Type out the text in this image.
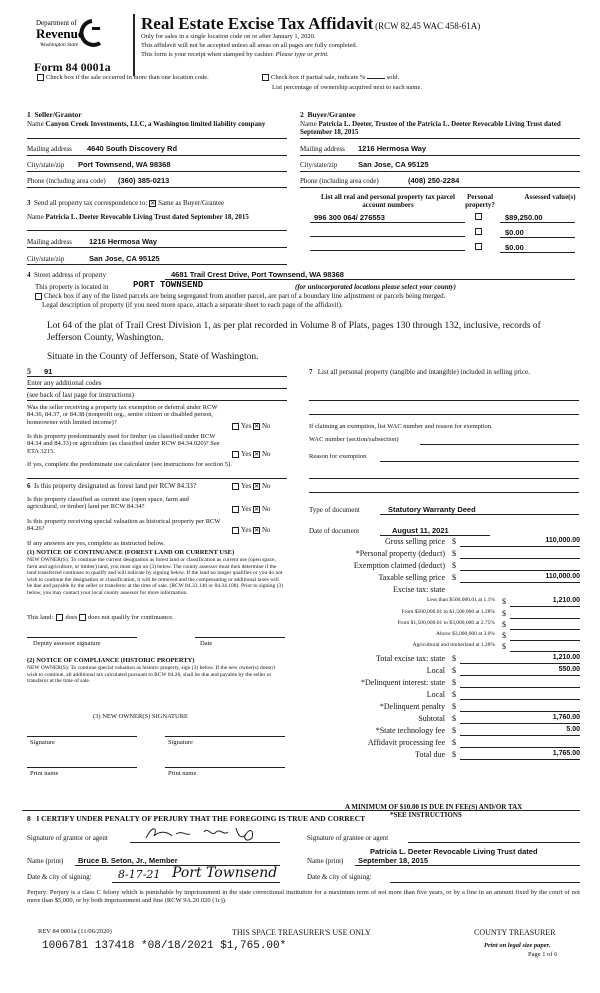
Department of
Revenue
Washington State
Form 84 0001a
Real Estate Excise Tax Affidavit (RCW 82.45 WAC 458-61A)
Only for sales in a single location code on or after January 1, 2020.
This affidavit will not be accepted unless all areas on all pages are fully completed.
This form is your receipt when stamped by cashier. Please type or print.
Check box if the sale occurred in more than one location code.	Check box if partial sale, indicate %	sold.
List percentage of ownership acquired next to each name.
1 Seller/Grantor
Name Canyon Creek Investments, LLC, a Washington limited liability company
Mailing address 4640 South Discovery Rd
City/state/zip Port Townsend, WA 98368
Phone (including area code) (360) 385-0213
2 Buyer/Grantee
Name Patricia L. Deeter, Trustee of the Patricia L. Deeter Revocable Living Trust dated September 18, 2015
Mailing address 1216 Hermosa Way
City/state/zip	San Jose, CA 95125
Phone (including area code)	(408) 250-2284
3 Send all property tax correspondence to: ✕ Same as Buyer/Grantee
Name Patricia L. Deeter Revocable Living Trust dated September 18, 2015
Mailing address 1216 Hermosa Way
City/state/zip	San Jose, CA 95125
List all real and personal property tax parcel account numbers
Personal property?
Assessed value(s)
996 300 064/ 276553	$89,250.00
$0.00
$0.00
4 Street address of property	4681 Trail Crest Drive, Port Townsend, WA 98368
This property is located in	PORT TOWNSEND	(for unincorporated locations please select your county)
Check box if any of the listed parcels are being segregated from another parcel, are part of a boundary line adjustment or parcels being merged.
Legal description of property (if you need more space, attach a separate sheet to each page of the affidavit).
Lot 64 of the plat of Trail Crest Division 1, as per plat recorded in Volume 8 of Plats, pages 130 through 132, inclusive, records of Jefferson County, Washington.
Situate in the County of Jefferson, State of Washington.
5 91
Enter any additional codes
(see back of last page for instructions)
Was the seller receiving a property tax exemption or deferral under RCW 84.36, 84.37, or 84.38 (nonprofit org., senior citizen or disabled person, homeowner with limited income)?	Yes ✕ No
Is this property predominantly used for timber (as classified under RCW 84.34 and 84.33) or agriculture (as classified under RCW 84.34.020)? See ETA 3215.	Yes ✕ No
If yes, complete the predominate use calculator (see instructions for section 5).
6 Is this property designated as forest land per RCW 84.33?	Yes ✕ No
Is this property classified as current use (open space, farm and agricultural, or timber) land per RCW 84.34?	Yes ✕ No
Is this property receiving special valuation as historical property per RCW 84.26?	Yes ✕ No
If any answers are yes, complete as instructed below.
(1) NOTICE OF CONTINUANCE (FOREST LAND OR CURRENT USE)
NEW OWNER(S): To continue the current designation as forest land or classification as current use (open space, farm and agriculture, or timber) land, you must sign on (3) below. The county assessor must then determine if the land transferred continues to qualify and will indicate by signing below. If the land no longer qualifies or you do not wish to continue the designation or classification, it will be removed and the compensating or additional taxes will be due and payable by the seller or transferor at the time of sale. (RCW 84.33.140 or 84.34.108). Prior to signing (3) below, you may contact your local county assessor for more information.
This land: does does not qualify for continuance.
Deputy assessor signature	Date
(2) NOTICE OF COMPLIANCE (HISTORIC PROPERTY)
NEW OWNER(S): To continue special valuation as historic property, sign (3) below. If the new owner(s) doesn't wish to continue, all additional tax calculated pursuant to RCW 84.26, shall be due and payable by the seller or transferor at the time of sale.
(3) NEW OWNER(S) SIGNATURE
Signature	Signature
Print name	Print name
7 List all personal property (tangible and intangible) included in selling price.
If claiming an exemption, list WAC number and reason for exemption.
WAC number (section/subsection)
Reason for exemption
Type of document	Statutory Warranty Deed
Date of document	August 11, 2021
Gross selling price $	110,000.00
*Personal property (deduct) $
Exemption claimed (deduct) $
Taxable selling price $	110,000.00
Excise tax: state
Less than $500,000.01 at 1.1% $	1,210.00
From $500,000.01 to $1,500,000 at 1.28% $
From $1,500,000.01 to $3,000,000 at 2.75% $
Above $3,000,000 at 3.0% $
Agricultural and timberland at 1.28% $
Total excise tax: state $	1,210.00
Local $	550.00
*Delinquent interest: state $
Local $
*Delinquent penalty $
Subtotal $	1,760.00
*State technology fee $	5.00
Affidavit processing fee $
Total due $	1,765.00
A MINIMUM OF $10.00 IS DUE IN FEE(S) AND/OR TAX
*SEE INSTRUCTIONS
8 I CERTIFY UNDER PENALTY OF PERJURY THAT THE FOREGOING IS TRUE AND CORRECT
Signature of grantor or agent	Signature of grantee or agent
Name (print) Bruce B. Seton, Jr., Member
Patricia L. Deeter Revocable Living Trust dated
Name (print) September 18, 2015
Date & city of signing: 8-17-21 Port Townsend	Date & city of signing:
Perjury: Perjury is a class C felony which is punishable by imprisonment in the state correctional institution for a maximum term of not more than five years, or by a fine in an amount fixed by the court of not more than $5,000, or by both imprisonment and fine (RCW 9A.20.020 (1c)).
REV 84 0001a (11/06/2020)	THIS SPACE TREASURER'S USE ONLY	COUNTY TREASURER
1006781 137418 *08/18/2021 $1,765.00*	Print on legal size paper.
Page 1 of 6
